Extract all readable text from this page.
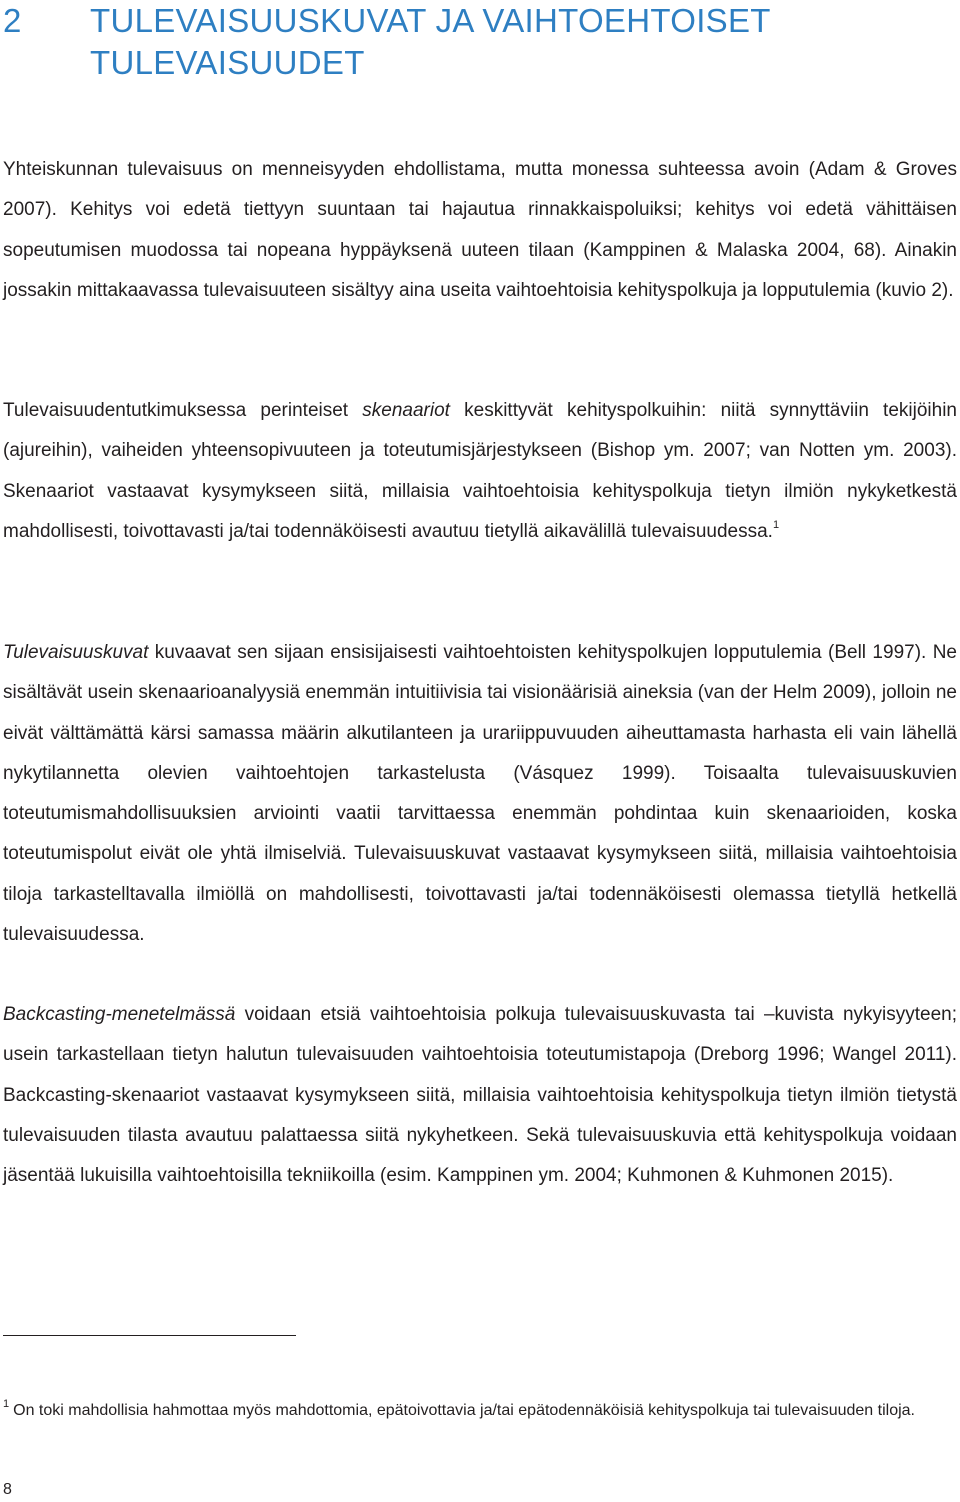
2 TULEVAISUUSKUVAT JA VAIHTOEHTOISET TULEVAISUUDET

Yhteiskunnan tulevaisuus on menneisyyden ehdollistama, mutta monessa suhteessa avoin (Adam & Groves 2007). Kehitys voi edetä tiettyyn suuntaan tai hajautua rinnakkaispoluiksi; kehitys voi edetä vähittäisen sopeutumisen muodossa tai nopeana hyppäyksenä uuteen tilaan (Kamppinen & Malaska 2004, 68). Ainakin jossakin mittakaavassa tulevaisuuteen sisältyy aina useita vaihtoehtoisia kehityspolkuja ja lopputulemia (kuvio 2).

Tulevaisuudentutkimuksessa perinteiset skenaariot keskittyvät kehityspolkuihin: niitä synnyttäviin tekijöihin (ajureihin), vaiheiden yhteensopivuuteen ja toteutumisjärjestykseen (Bishop ym. 2007; van Notten ym. 2003). Skenaariot vastaavat kysymykseen siitä, millaisia vaihtoehtoisia kehityspolkuja tietyn ilmiön nykyketkestä mahdollisesti, toivottavasti ja/tai todennäköisesti avautuu tietyllä aikavälillä tulevaisuudessa.$^1$

Tulevaisuuskuvat kuvaavat sen sijaan ensisijaisesti vaihtoehtoisten kehityspolkujen lopputulemia (Bell 1997). Ne sisältävät usein skenaarioanalyysiä enemmän intuitiivisia tai visionäärisiä aineksia (van der Helm 2009), jolloin ne eivät välttämättä kärsi samassa määrin alkutilanteen ja urariippuvuuden aiheuttamasta harhasta eli vain lähellä nykytilannetta olevien vaihtoehtojen tarkastelusta (Vásquez 1999). Toisaalta tulevaisuuskuvien toteutumismahdollisuuksien arviointi vaatii tarvittaessa enemmän pohdintaa kuin skenaarioiden, koska toteutumispolut eivät ole yhtä ilmiselviä. Tulevaisuuskuvat vastaavat kysymykseen siitä, millaisia vaihtoehtoisia tiloja tarkastelltavalla ilmiöllä on mahdollisesti, toivottavasti ja/tai todennäköisesti olemassa tietyllä hetkellä tulevaisuudessa.

Backcasting-menetelmässä voidaan etsiä vaihtoehtoisia polkuja tulevaisuuskuvasta tai –kuvista nykyisyyteen; usein tarkastellaan tietyn halutun tulevaisuuden vaihtoehtoisia toteutumistapoja (Dreborg 1996; Wangel 2011). Backcasting-skenaariot vastaavat kysymykseen siitä, millaisia vaihtoehtoisia kehityspolkuja tietyn ilmiön tietystä tulevaisuuden tilasta avautuu palattaessa siitä nykyhetkeen. Sekä tulevaisuuskuvia että kehityspolkuja voidaan jäsentää lukuisilla vaihtoehtoisilla tekniikoilla (esim. Kamppinen ym. 2004; Kuhmonen & Kuhmonen 2015).

$^1$ On toki mahdollisia hahmottaa myös mahdottomia, epätoivottavia ja/tai epätodennäköisiä kehityspolkuja tai tulevaisuuden tiloja.

8
